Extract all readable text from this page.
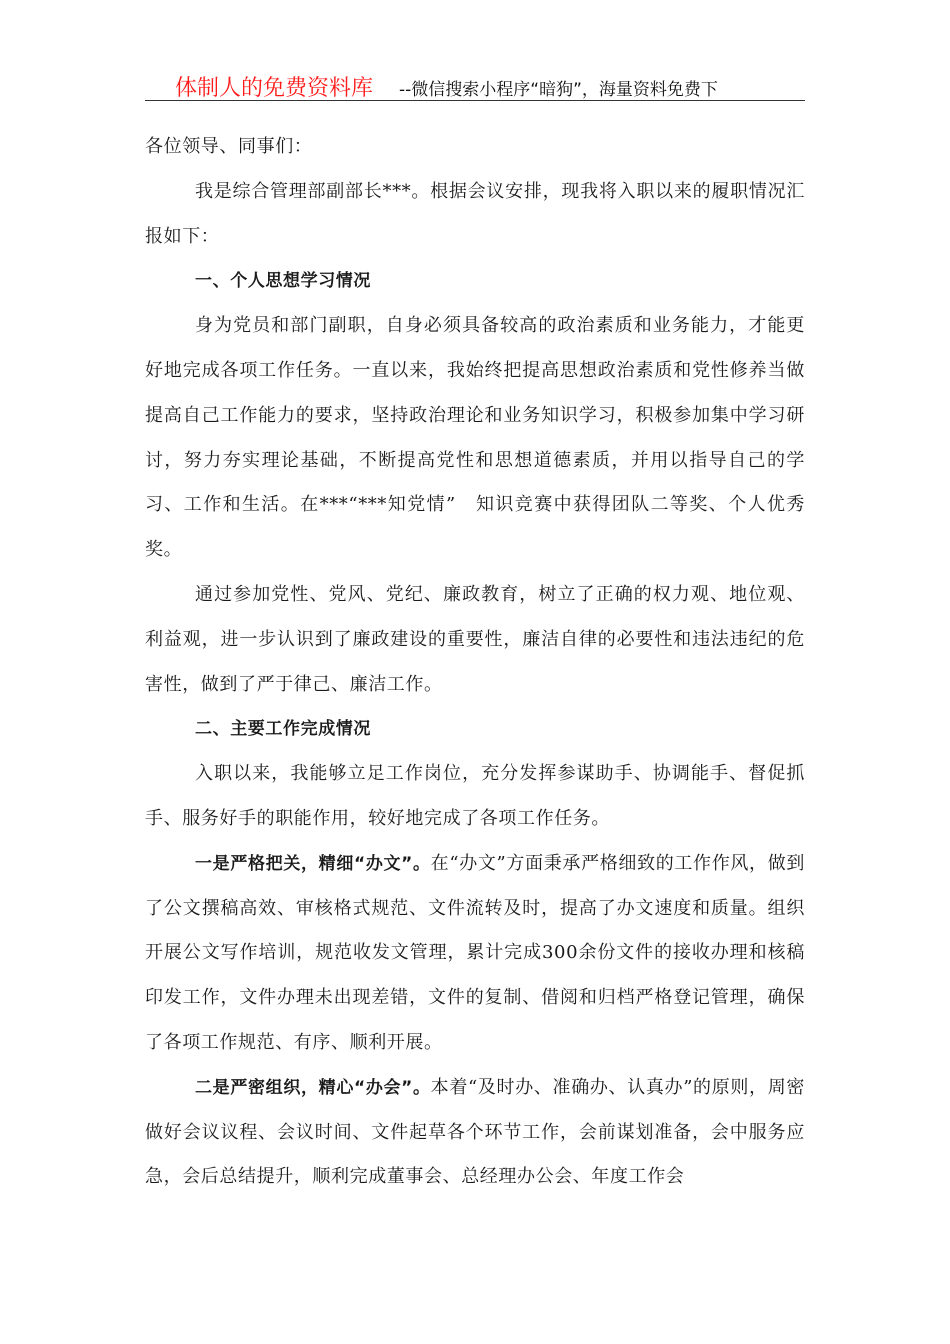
体制人的免费资料库 --微信搜索小程序“暗狗”，海量资料免费下

各位领导、同事们：

我是综合管理部副部长***。根据会议安排，现我将入职以来的履职情况汇报如下：

一、个人思想学习情况

身为党员和部门副职，自身必须具备较高的政治素质和业务能力，才能更好地完成各项工作任务。一直以来，我始终把提高思想政治素质和党性修养当做提高自己工作能力的要求，坚持政治理论和业务知识学习，积极参加集中学习研讨，努力夯实理论基础，不断提高党性和思想道德素质，并用以指导自己的学习、工作和生活。在***“***知党情”　知识竞赛中获得团队二等奖、个人优秀奖。

通过参加党性、党风、党纪、廉政教育，树立了正确的权力观、地位观、利益观，进一步认识到了廉政建设的重要性，廉洁自律的必要性和违法违纪的危害性，做到了严于律己、廉洁工作。

二、主要工作完成情况

入职以来，我能够立足工作岗位，充分发挥参谋助手、协调能手、督促抓手、服务好手的职能作用，较好地完成了各项工作任务。

一是严格把关，精细“办文”。在“办文”方面秉承严格细致的工作作风，做到了公文撰稿高效、审核格式规范、文件流转及时，提高了办文速度和质量。组织开展公文写作培训，规范收发文管理，累计完成300余份文件的接收办理和核稿印发工作，文件办理未出现差错，文件的复制、借阅和归档严格登记管理，确保了各项工作规范、有序、顺利开展。

二是严密组织，精心“办会”。本着“及时办、准确办、认真办”的原则，周密做好会议议程、会议时间、文件起草各个环节工作，会前谋划准备，会中服务应急，会后总结提升，顺利完成董事会、总经理办公会、年度工作会
